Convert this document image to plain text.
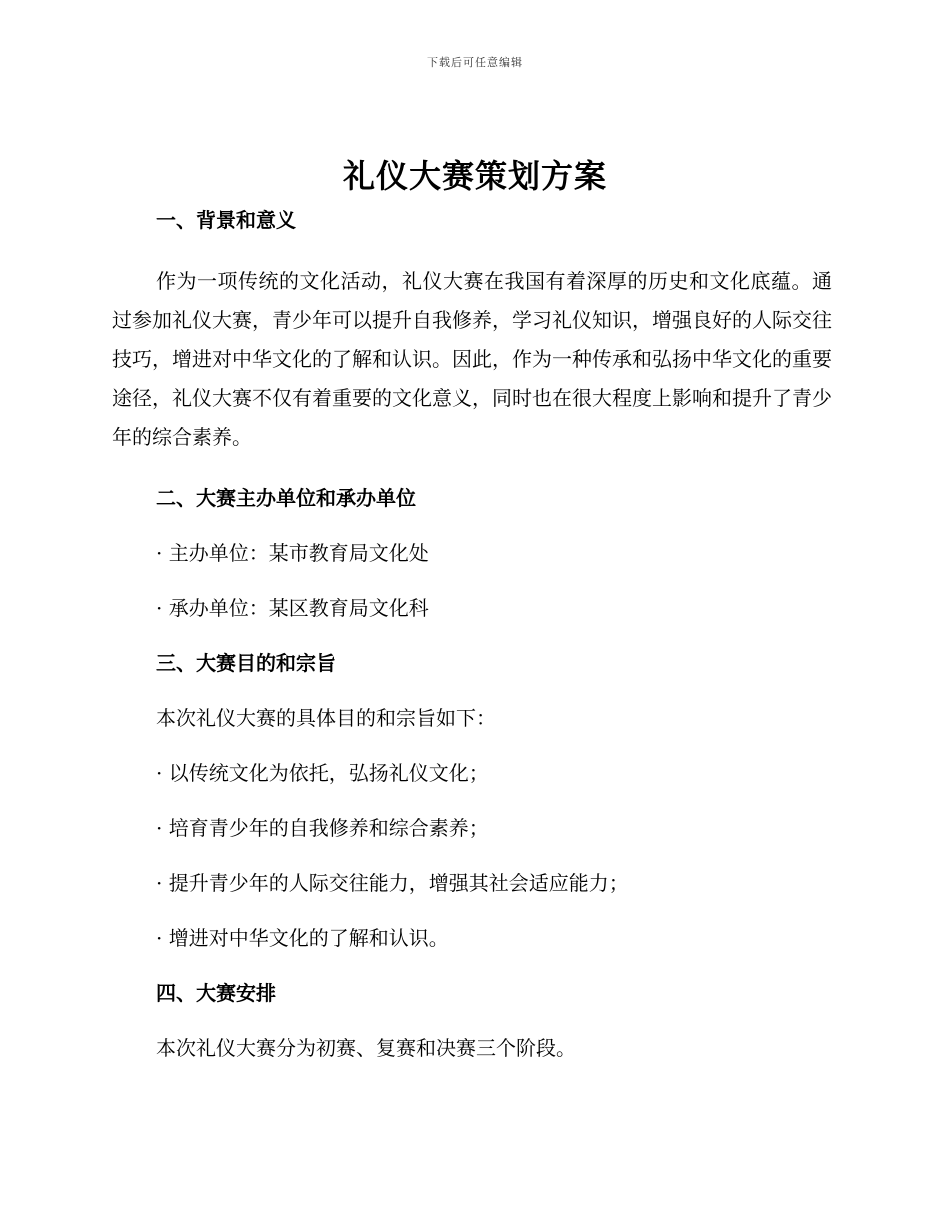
下载后可任意编辑
礼仪大赛策划方案
一、背景和意义

作为一项传统的文化活动，礼仪大赛在我国有着深厚的历史和文化底蕴。通过参加礼仪大赛，青少年可以提升自我修养，学习礼仪知识，增强良好的人际交往技巧，增进对中华文化的了解和认识。因此，作为一种传承和弘扬中华文化的重要途径，礼仪大赛不仅有着重要的文化意义，同时也在很大程度上影响和提升了青少年的综合素养。

二、大赛主办单位和承办单位

· 主办单位：某市教育局文化处

· 承办单位：某区教育局文化科

三、大赛目的和宗旨

本次礼仪大赛的具体目的和宗旨如下：

· 以传统文化为依托，弘扬礼仪文化；

· 培育青少年的自我修养和综合素养；

· 提升青少年的人际交往能力，增强其社会适应能力；

· 增进对中华文化的了解和认识。

四、大赛安排

本次礼仪大赛分为初赛、复赛和决赛三个阶段。
